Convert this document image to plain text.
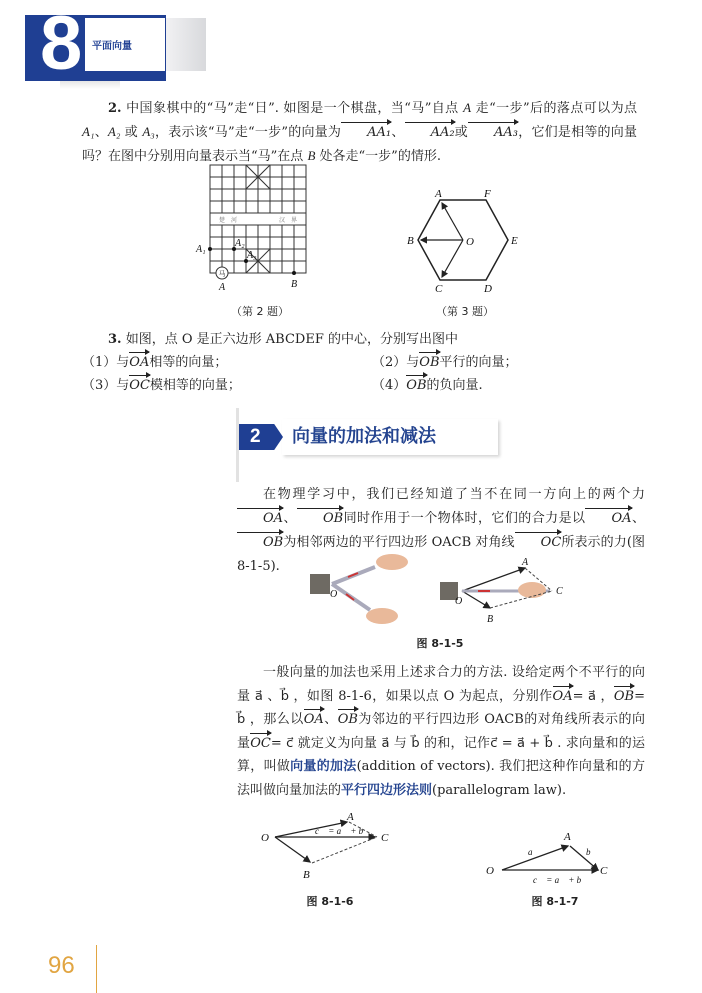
8 平面向量

2. 中国象棋中的“马”走“日”. 如图是一个棋盘，当“马”自点 A 走“一步”后的落点可以为点 A₁、A₂ 或 A₃，表示该“马”走“一步”的向量为 AA₁、 AA₂或 AA₃，它们是相等的向量吗？在图中分别用向量表示当“马”在点 B 处各走“一步”的情形.

楚 河	汉 界
马
A₁
A₂
A₃
A	B
（第 2 题）
A	F
B	O	E
C	D
（第 3 题）

3. 如图，点 O 是正六边形 ABCDEF 的中心，分别写出图中

（1）与OA相等的向量；	（2）与OB平行的向量；

（3）与OC模相等的向量；	（4）OB的负向量.

2 向量的加法和减法

在物理学习中，我们已经知道了当不在同一方向上的两个力OA、 OB同时作用于一个物体时，它们的合力是以 OA、OB为相邻两边的平行四边形 OACB 对角线 OC所表示的力(图 8-1-5).

O
O
A
B
C
图 8-1-5

一般向量的加法也采用上述求合力的方法. 设给定两个不平行的向量 a⃗ 、b⃗ ，如图 8-1-6，如果以点 O 为起点，分别作OA= a⃗ ，OB= b⃗ ，那么以OA、OB为邻边的平行四边形 OACB的对角线所表示的向量OC= c⃗ 就定义为向量 a⃗ 与 b⃗ 的和，记作c⃗ = a⃗ + b⃗ . 求向量和的运算，叫做向量的加法(addition of vectors). 我们把这种作向量和的方法叫做向量加法的平行四边形法则(parallelogram law).

O
A
B
C
c⃗ = a⃗ + b⃗
图 8-1-6
O
A
C
a⃗	b⃗
c⃗ = a⃗ + b⃗
图 8-1-7
96
